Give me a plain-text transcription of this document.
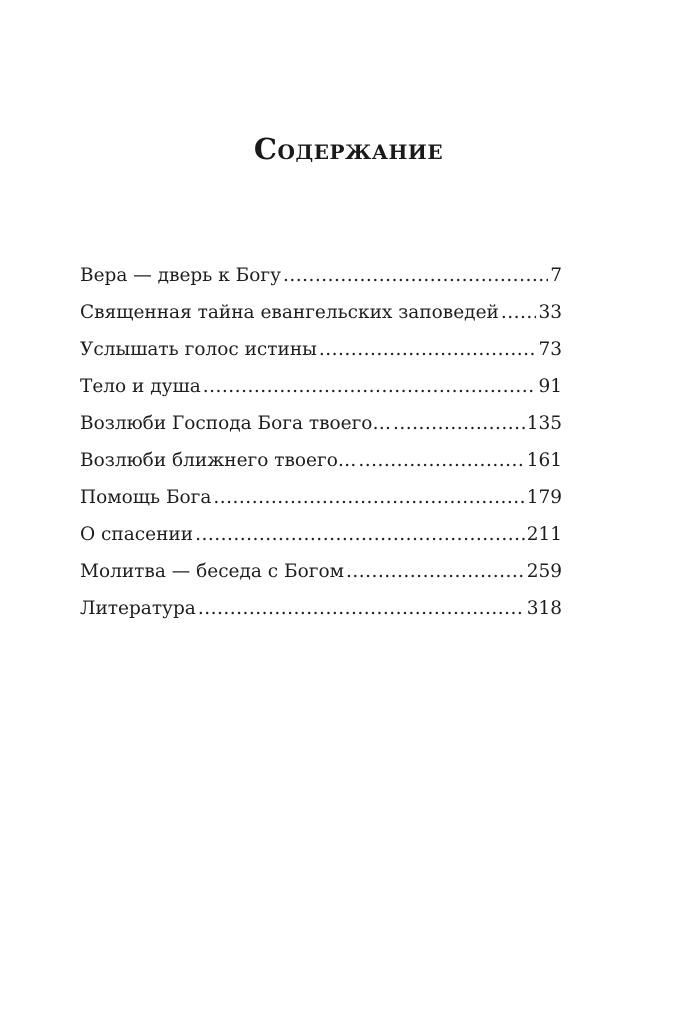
Содержание
Вера — дверь к Богу .....	7
Священная тайна евангельских заповедей ..... 33
Услышать голос истины .....	73
Тело и душа .....	91
Возлюби Господа Бога твоего… .....	135
Возлюби ближнего твоего… .....	161
Помощь Бога .....	179
О спасении .....	211
Молитва — беседа с Богом .....	259
Литература .....	318
